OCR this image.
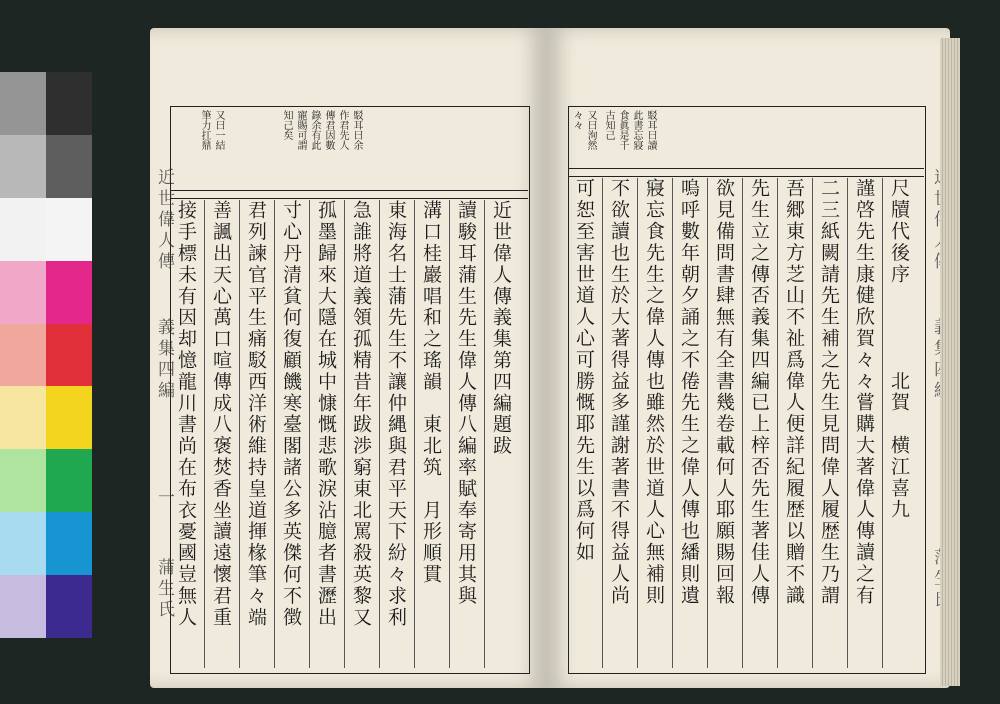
近世偉人傳
義集四編
一
蒲生氏
知己矣 寵賜可謂 錄余有此 傳君因數 作君先人 駁耳曰余
筆力扛鼎 又曰一結
近世偉人傳義集第四編題跋
讀駿耳蒲生先生偉人傳八編率賦奉寄用其與
溝口桂巖唱和之瑤韻　東北筑　月形順貫
東海名士蒲先生不讓仲縄與君平天下紛々求利
急誰將道義領孤精昔年跋渉窮東北罵殺英黎又
孤墨歸來大隱在城中慷慨悲歌淚沾臆者書瀝出
寸心丹清貧何復顧饑寒臺閣諸公多英傑何不徴
君列諫官平生痛駁西洋術維持皇道揮椽筆々端
善諷出天心萬口喧傳成八褒焚香坐讀遠懷君重
接手標未有因却憶龍川書尚在布衣憂國豈無人
々々 又曰洵然 古知己 食眞是千 此書忘寢 駁耳曰讀
尺牘代後序　　　　北賀　横江喜九
謹啓先生康健欣賀々々嘗購大著偉人傳讀之有
二三紙闕請先生補之先生見問偉人履歴生乃謂
吾郷東方芝山不祉爲偉人便詳紀履歴以贈不識
先生立之傳否義集四編已上梓否先生著佳人傳
欲見備問書肆無有全書幾卷載何人耶願賜回報
嗚呼數年朝夕誦之不倦先生之偉人傳也繙則遺
寢忘食先生之偉人傳也雖然於世道人心無補則
不欲讀也生於大著得益多謹謝著書不得益人尚
可恕至害世道人心可勝慨耶先生以爲何如
